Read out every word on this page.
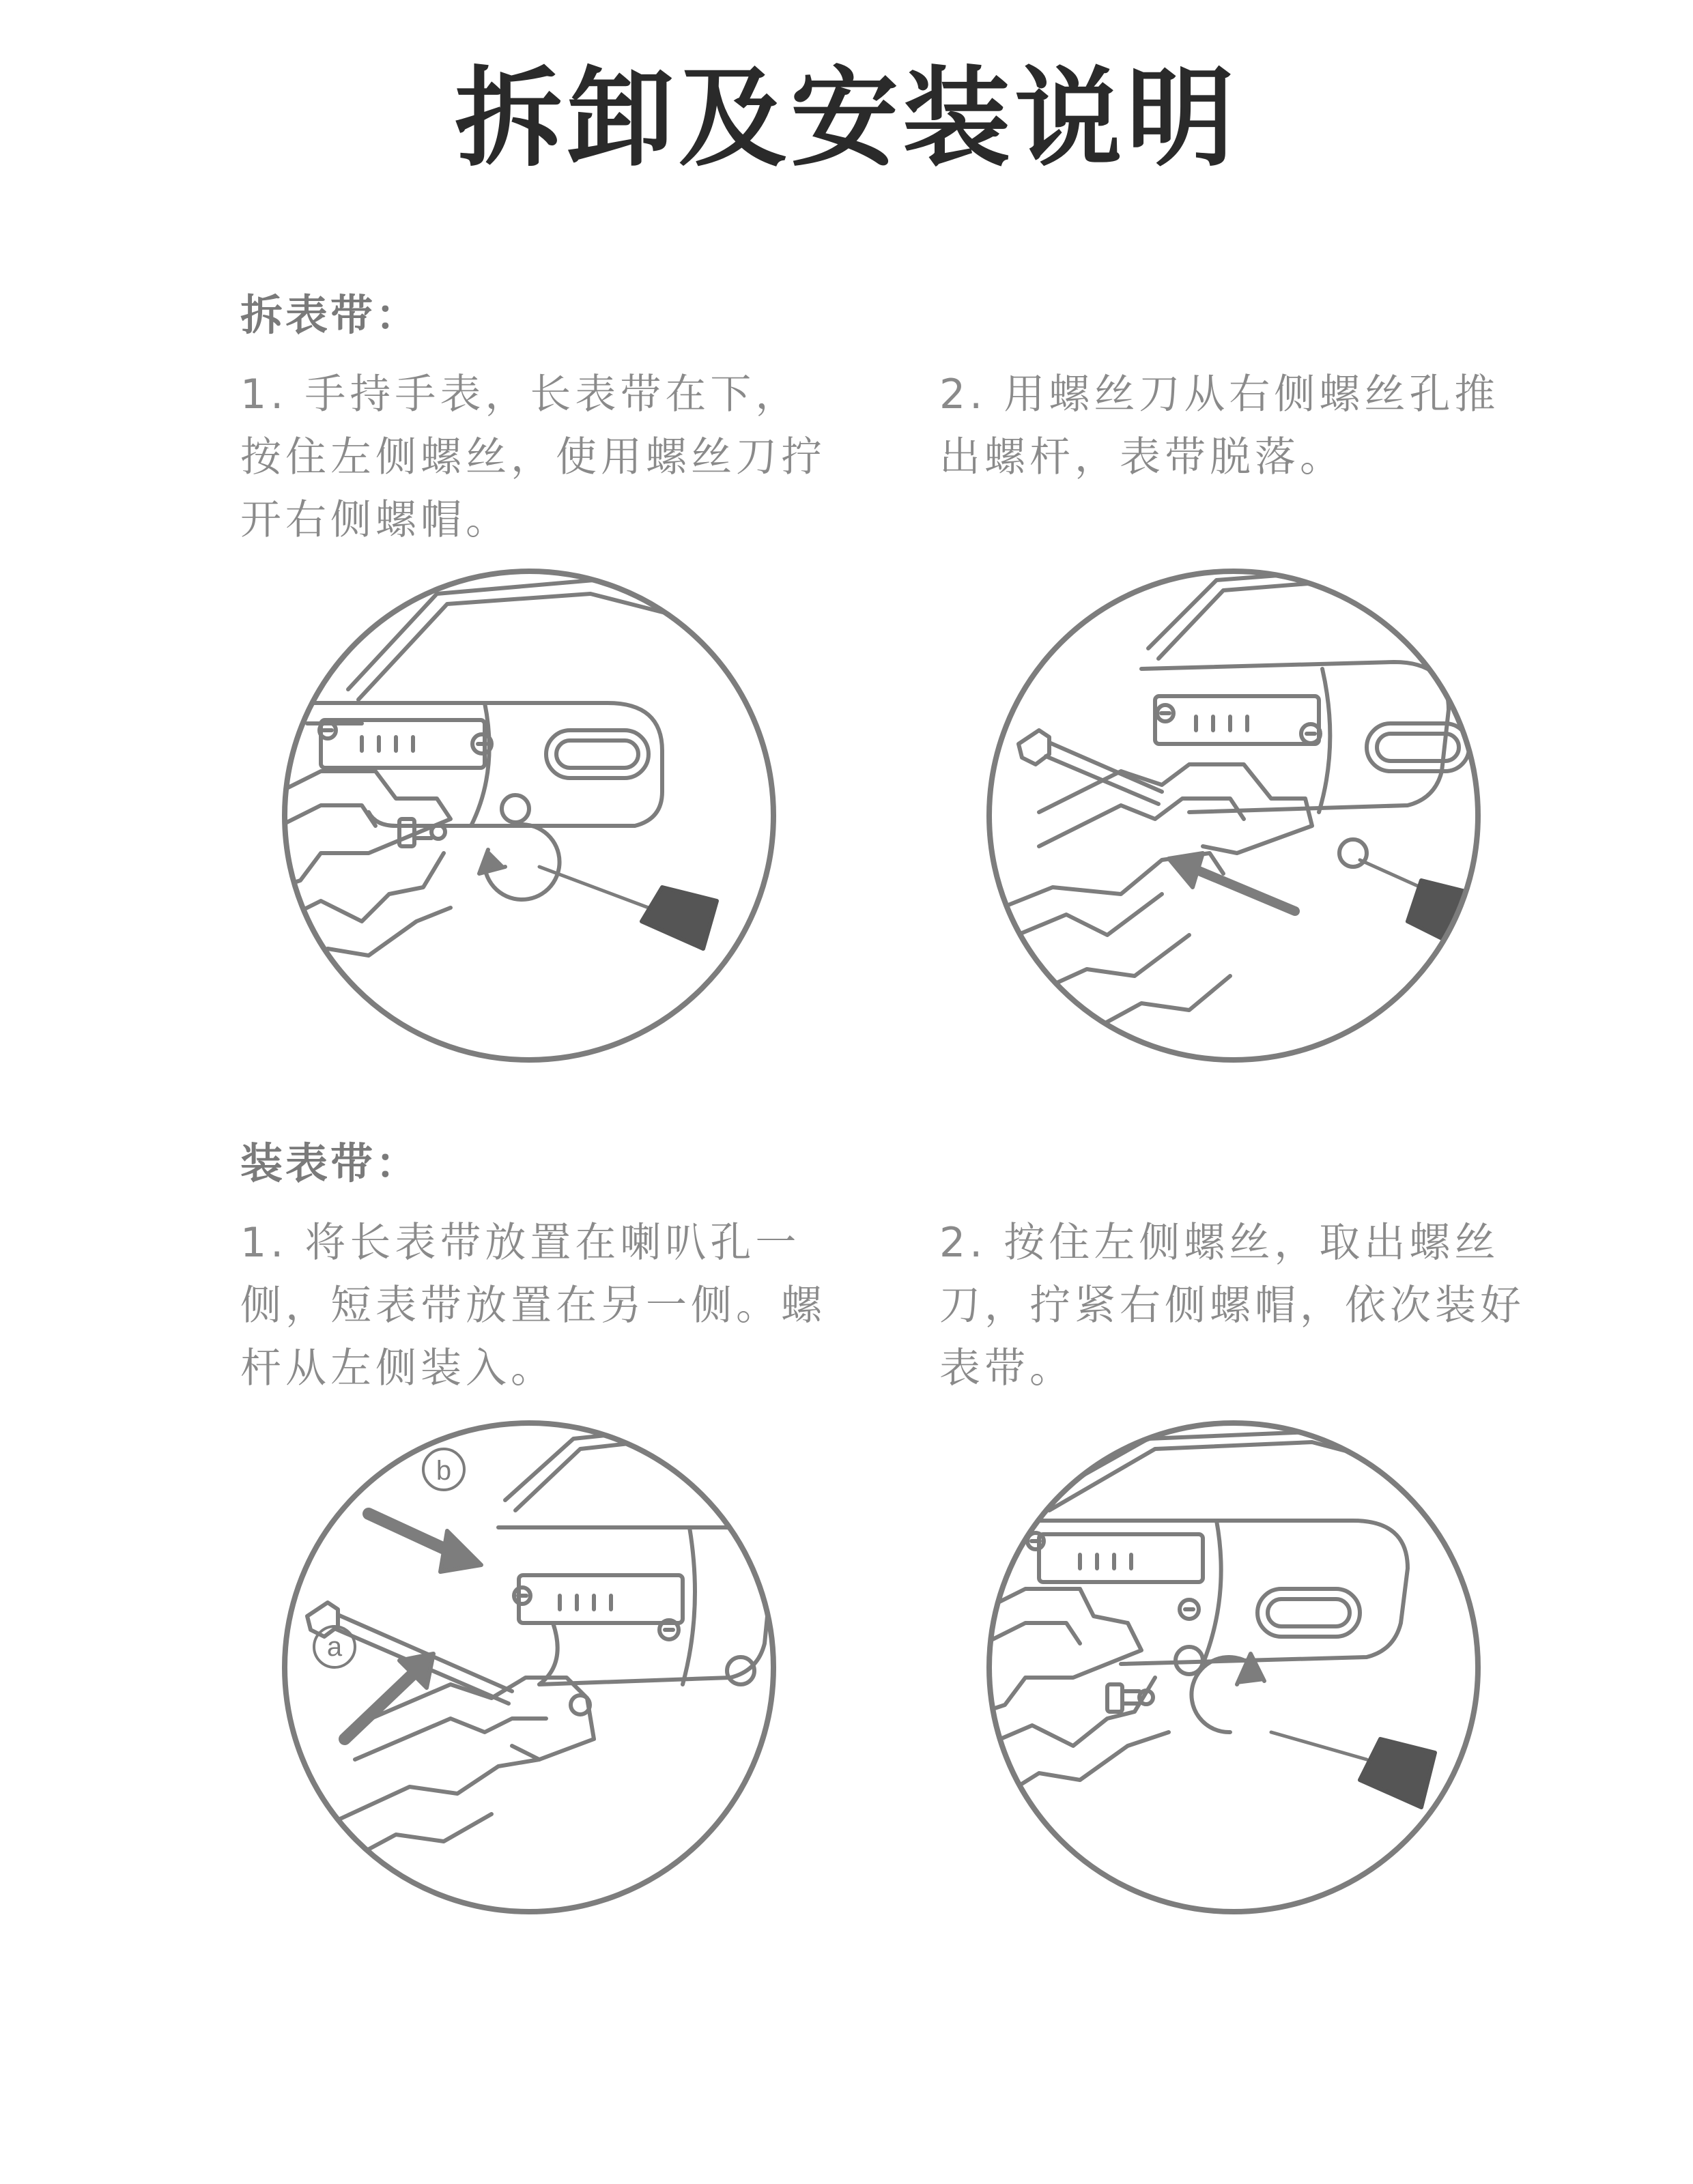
拆卸及安装说明
拆表带：
1. 手持手表，长表带在下，按住左侧螺丝，使用螺丝刀拧开右侧螺帽。
2. 用螺丝刀从右侧螺丝孔推出螺杆，表带脱落。
装表带：
1. 将长表带放置在喇叭孔一侧，短表带放置在另一侧。螺杆从左侧装入。
2. 按住左侧螺丝，取出螺丝刀，拧紧右侧螺帽，依次装好表带。
b
a
